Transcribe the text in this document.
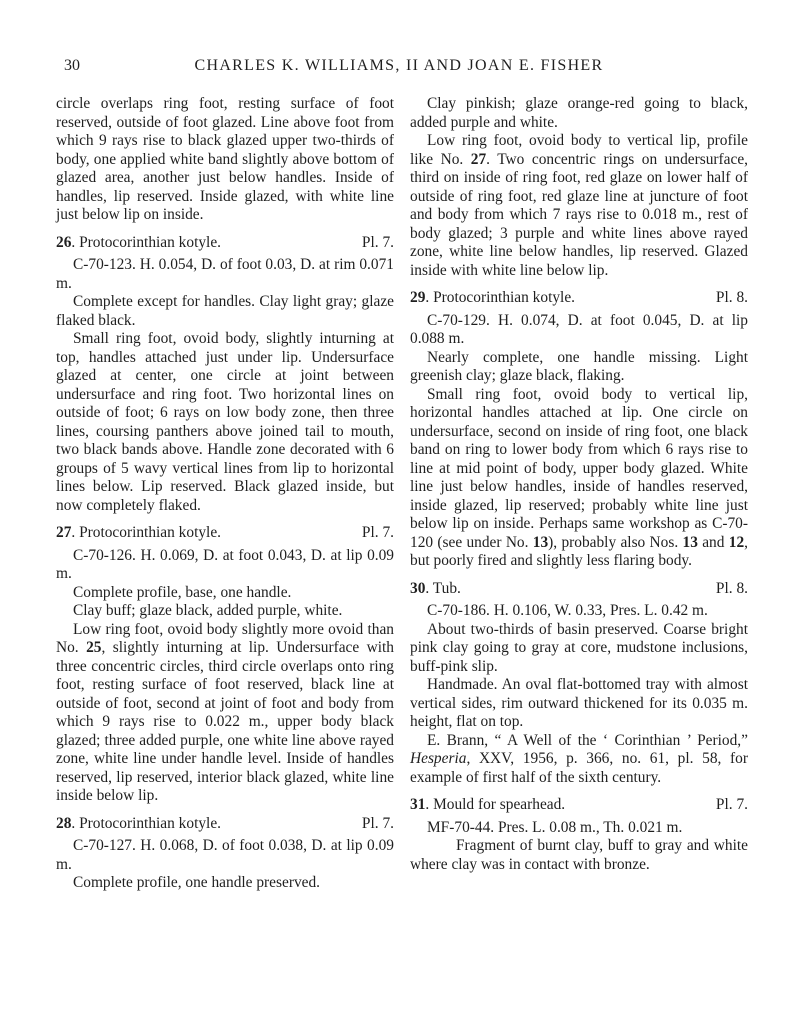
30	CHARLES K. WILLIAMS, II AND JOAN E. FISHER

circle overlaps ring foot, resting surface of foot reserved, outside of foot glazed. Line above foot from which 9 rays rise to black glazed upper two-thirds of body, one applied white band slightly above bottom of glazed area, another just below handles. Inside of handles, lip reserved. Inside glazed, with white line just below lip on inside.

26. Protocorinthian kotyle.	Pl. 7.

C-70-123. H. 0.054, D. of foot 0.03, D. at rim 0.071 m.

Complete except for handles. Clay light gray; glaze flaked black.

Small ring foot, ovoid body, slightly inturning at top, handles attached just under lip. Undersurface glazed at center, one circle at joint between undersurface and ring foot. Two horizontal lines on outside of foot; 6 rays on low body zone, then three lines, coursing panthers above joined tail to mouth, two black bands above. Handle zone decorated with 6 groups of 5 wavy vertical lines from lip to horizontal lines below. Lip reserved. Black glazed inside, but now completely flaked.

27. Protocorinthian kotyle.	Pl. 7.

C-70-126. H. 0.069, D. at foot 0.043, D. at lip 0.09 m.

Complete profile, base, one handle.

Clay buff; glaze black, added purple, white.

Low ring foot, ovoid body slightly more ovoid than No. 25, slightly inturning at lip. Undersurface with three concentric circles, third circle overlaps onto ring foot, resting surface of foot reserved, black line at outside of foot, second at joint of foot and body from which 9 rays rise to 0.022 m., upper body black glazed; three added purple, one white line above rayed zone, white line under handle level. Inside of handles reserved, lip reserved, interior black glazed, white line inside below lip.

28. Protocorinthian kotyle.	Pl. 7.

C-70-127. H. 0.068, D. of foot 0.038, D. at lip 0.09 m.

Complete profile, one handle preserved.

Clay pinkish; glaze orange-red going to black, added purple and white.

Low ring foot, ovoid body to vertical lip, profile like No. 27. Two concentric rings on undersurface, third on inside of ring foot, red glaze on lower half of outside of ring foot, red glaze line at juncture of foot and body from which 7 rays rise to 0.018 m., rest of body glazed; 3 purple and white lines above rayed zone, white line below handles, lip reserved. Glazed inside with white line below lip.

29. Protocorinthian kotyle.	Pl. 8.

C-70-129. H. 0.074, D. at foot 0.045, D. at lip 0.088 m.

Nearly complete, one handle missing. Light greenish clay; glaze black, flaking.

Small ring foot, ovoid body to vertical lip, horizontal handles attached at lip. One circle on undersurface, second on inside of ring foot, one black band on ring to lower body from which 6 rays rise to line at mid point of body, upper body glazed. White line just below handles, inside of handles reserved, inside glazed, lip reserved; probably white line just below lip on inside. Perhaps same workshop as C-70-120 (see under No. 13), probably also Nos. 13 and 12, but poorly fired and slightly less flaring body.

30. Tub.	Pl. 8.

C-70-186. H. 0.106, W. 0.33, Pres. L. 0.42 m.

About two-thirds of basin preserved. Coarse bright pink clay going to gray at core, mudstone inclusions, buff-pink slip.

Handmade. An oval flat-bottomed tray with almost vertical sides, rim outward thickened for its 0.035 m. height, flat on top.

E. Brann, “ A Well of the ‘ Corinthian ’ Period,” Hesperia, XXV, 1956, p. 366, no. 61, pl. 58, for example of first half of the sixth century.

31. Mould for spearhead.	Pl. 7.

MF-70-44. Pres. L. 0.08 m., Th. 0.021 m.

Fragment of burnt clay, buff to gray and white where clay was in contact with bronze.
